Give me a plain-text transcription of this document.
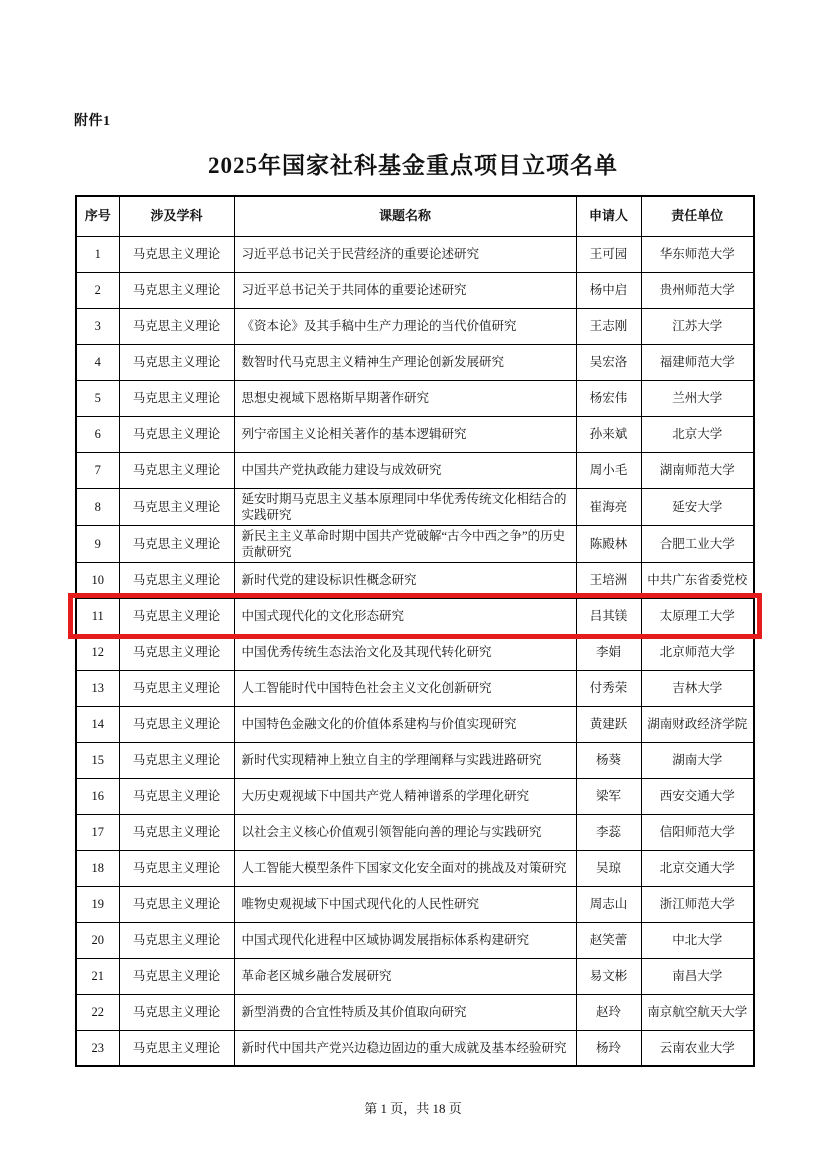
附件1
2025年国家社科基金重点项目立项名单
序号	涉及学科	课题名称	申请人	责任单位
1	马克思主义理论	习近平总书记关于民营经济的重要论述研究	王可园	华东师范大学
2	马克思主义理论	习近平总书记关于共同体的重要论述研究	杨中启	贵州师范大学
3	马克思主义理论	《资本论》及其手稿中生产力理论的当代价值研究	王志刚	江苏大学
4	马克思主义理论	数智时代马克思主义精神生产理论创新发展研究	吴宏洛	福建师范大学
5	马克思主义理论	思想史视域下恩格斯早期著作研究	杨宏伟	兰州大学
6	马克思主义理论	列宁帝国主义论相关著作的基本逻辑研究	孙来斌	北京大学
7	马克思主义理论	中国共产党执政能力建设与成效研究	周小毛	湖南师范大学
8	马克思主义理论	延安时期马克思主义基本原理同中华优秀传统文化相结合的实践研究	崔海亮	延安大学
9	马克思主义理论	新民主主义革命时期中国共产党破解“古今中西之争”的历史贡献研究	陈殿林	合肥工业大学
10	马克思主义理论	新时代党的建设标识性概念研究	王培洲	中共广东省委党校
11	马克思主义理论	中国式现代化的文化形态研究	吕其镁	太原理工大学
12	马克思主义理论	中国优秀传统生态法治文化及其现代转化研究	李娟	北京师范大学
13	马克思主义理论	人工智能时代中国特色社会主义文化创新研究	付秀荣	吉林大学
14	马克思主义理论	中国特色金融文化的价值体系建构与价值实现研究	黄建跃	湖南财政经济学院
15	马克思主义理论	新时代实现精神上独立自主的学理阐释与实践进路研究	杨葵	湖南大学
16	马克思主义理论	大历史观视域下中国共产党人精神谱系的学理化研究	梁军	西安交通大学
17	马克思主义理论	以社会主义核心价值观引领智能向善的理论与实践研究	李蕊	信阳师范大学
18	马克思主义理论	人工智能大模型条件下国家文化安全面对的挑战及对策研究	吴琼	北京交通大学
19	马克思主义理论	唯物史观视域下中国式现代化的人民性研究	周志山	浙江师范大学
20	马克思主义理论	中国式现代化进程中区域协调发展指标体系构建研究	赵笑蕾	中北大学
21	马克思主义理论	革命老区城乡融合发展研究	易文彬	南昌大学
22	马克思主义理论	新型消费的合宜性特质及其价值取向研究	赵玲	南京航空航天大学
23	马克思主义理论	新时代中国共产党兴边稳边固边的重大成就及基本经验研究	杨玲	云南农业大学
第 1 页，共 18 页
